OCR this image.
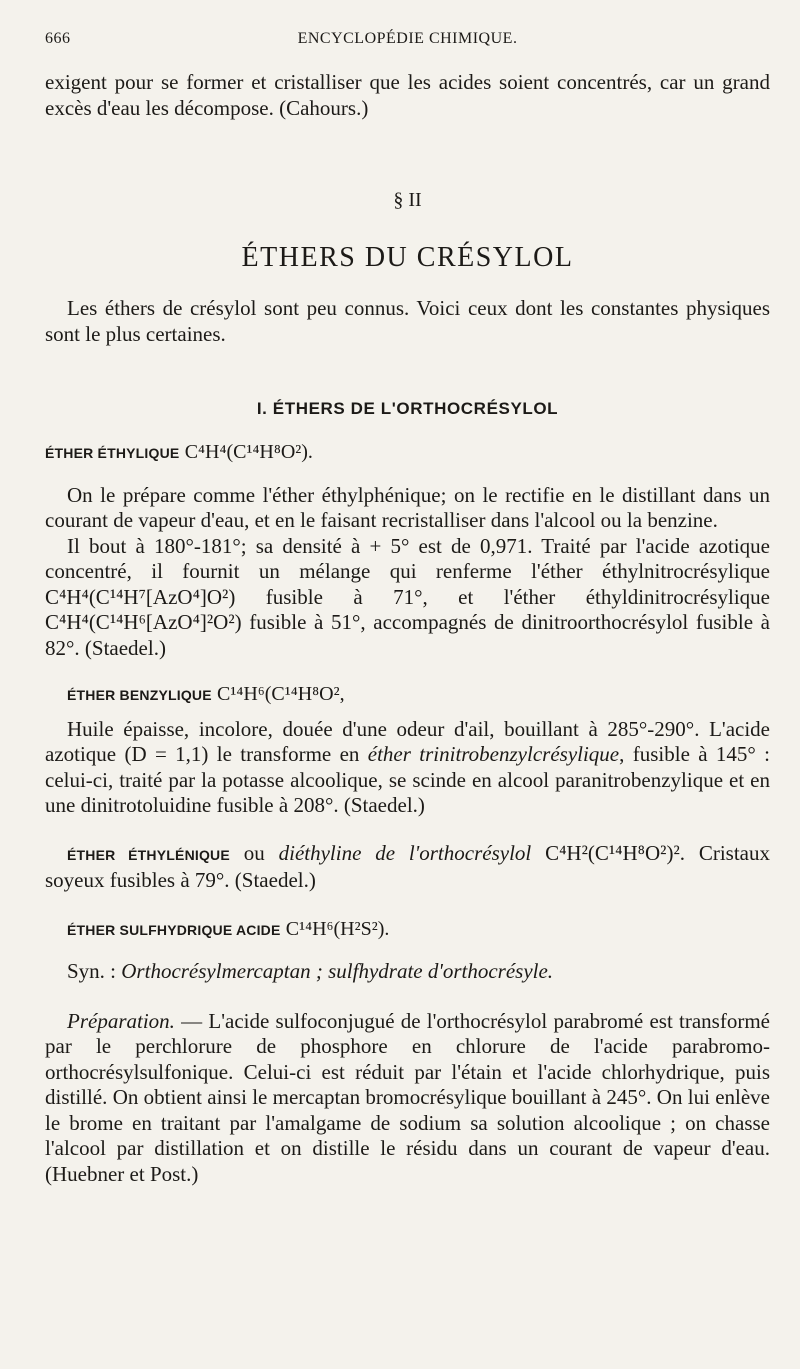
666	ENCYCLOPÉDIE CHIMIQUE.

exigent pour se former et cristalliser que les acides soient concentrés, car un grand excès d'eau les décompose. (Cahours.)

§ II
ÉTHERS DU CRÉSYLOL

Les éthers de crésylol sont peu connus. Voici ceux dont les constantes physiques sont le plus certaines.

I. ÉTHERS DE L'ORTHOCRÉSYLOL
ÉTHER ÉTHYLIQUE C⁴H⁴(C¹⁴H⁸O²).

On le prépare comme l'éther éthylphénique; on le rectifie en le distillant dans un courant de vapeur d'eau, et en le faisant recristalliser dans l'alcool ou la benzine.

Il bout à 180°-181°; sa densité à + 5° est de 0,971. Traité par l'acide azotique concentré, il fournit un mélange qui renferme l'éther éthylnitrocrésylique C⁴H⁴(C¹⁴H⁷[AzO⁴]O²) fusible à 71°, et l'éther éthyldinitrocrésylique C⁴H⁴(C¹⁴H⁶[AzO⁴]²O²) fusible à 51°, accompagnés de dinitroorthocrésylol fusible à 82°. (Staedel.)

ÉTHER BENZYLIQUE C¹⁴H⁶(C¹⁴H⁸O²,

Huile épaisse, incolore, douée d'une odeur d'ail, bouillant à 285°-290°. L'acide azotique (D = 1,1) le transforme en éther trinitrobenzylcrésylique, fusible à 145° : celui-ci, traité par la potasse alcoolique, se scinde en alcool paranitrobenzylique et en une dinitrotoluidine fusible à 208°. (Staedel.)

ÉTHER ÉTHYLÉNIQUE ou diéthyline de l'orthocrésylol C⁴H²(C¹⁴H⁸O²)². Cristaux soyeux fusibles à 79°. (Staedel.)

ÉTHER SULFHYDRIQUE ACIDE C¹⁴H⁶(H²S²).

Syn. : Orthocrésylmercaptan ; sulfhydrate d'orthocrésyle.

Préparation. — L'acide sulfoconjugué de l'orthocrésylol parabromé est transformé par le perchlorure de phosphore en chlorure de l'acide parabromo-orthocrésylsulfonique. Celui-ci est réduit par l'étain et l'acide chlorhydrique, puis distillé. On obtient ainsi le mercaptan bromocrésylique bouillant à 245°. On lui enlève le brome en traitant par l'amalgame de sodium sa solution alcoolique ; on chasse l'alcool par distillation et on distille le résidu dans un courant de vapeur d'eau. (Huebner et Post.)
